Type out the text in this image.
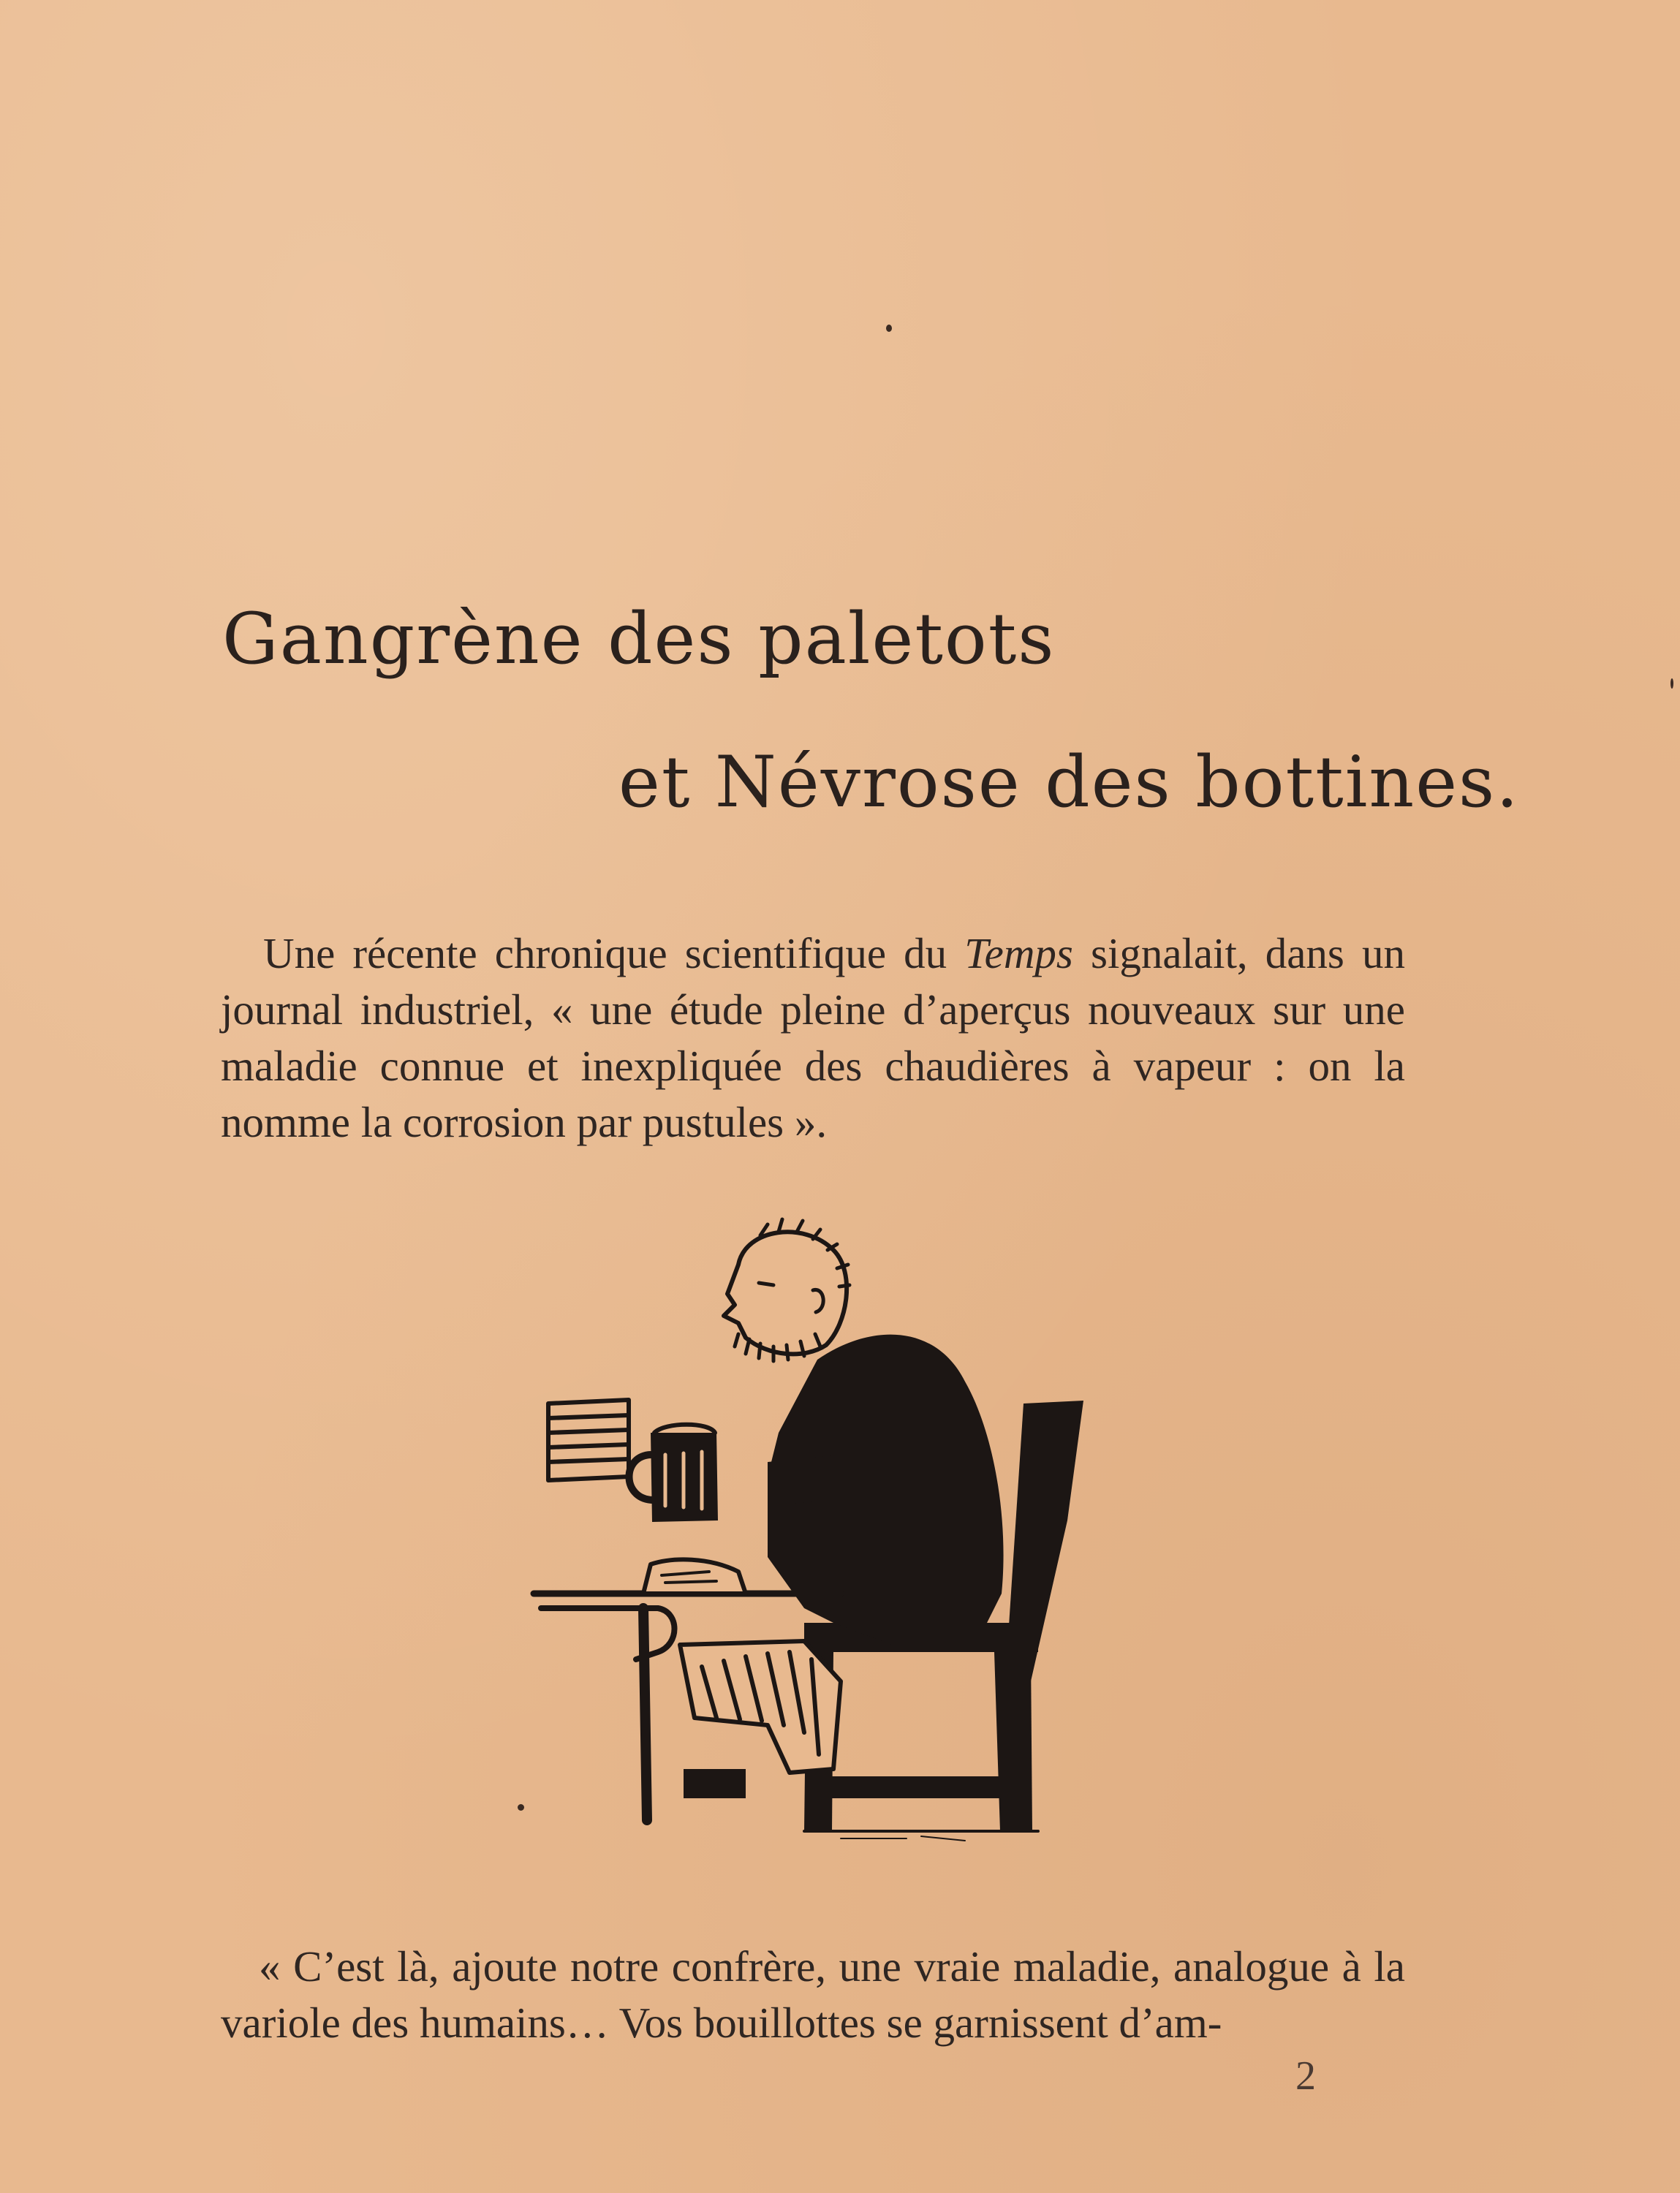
Gangrène des paletots
et Névrose des bottines.

Une récente chronique scientifique du Temps signalait, dans un journal industriel, « une étude pleine d’aperçus nouveaux sur une maladie connue et inexpliquée des chaudières à vapeur : on la nomme la corrosion par pustules ».

« C’est là, ajoute notre confrère, une vraie maladie, analogue à la variole des humains… Vos bouillottes se garnissent d’am-

2
